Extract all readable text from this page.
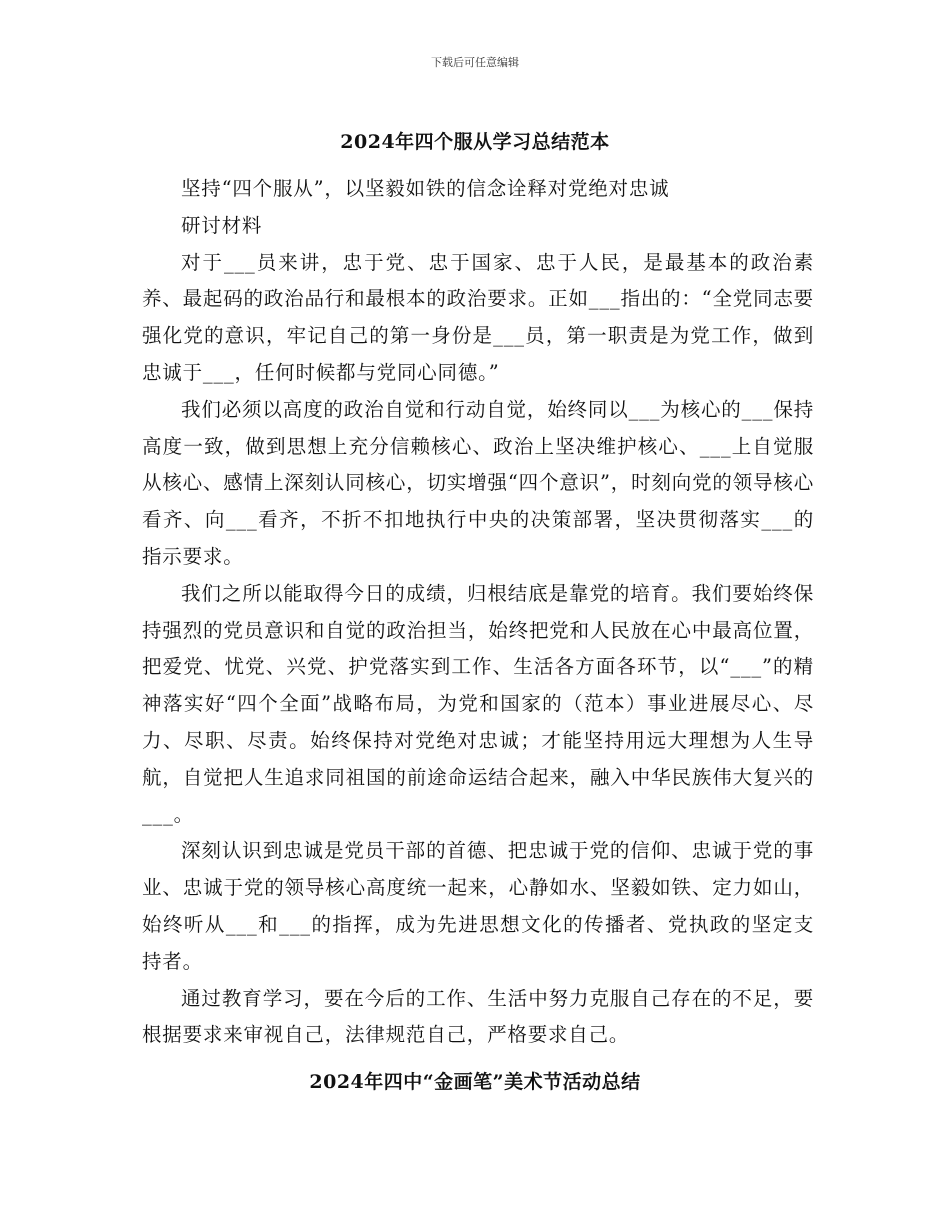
下载后可任意编辑
2024年四个服从学习总结范本

坚持“四个服从”，以坚毅如铁的信念诠释对党绝对忠诚

研讨材料

对于___员来讲，忠于党、忠于国家、忠于人民，是最基本的政治素养、最起码的政治品行和最根本的政治要求。正如___指出的：“全党同志要强化党的意识，牢记自己的第一身份是___员，第一职责是为党工作，做到忠诚于___，任何时候都与党同心同德。”

我们必须以高度的政治自觉和行动自觉，始终同以___为核心的___保持高度一致，做到思想上充分信赖核心、政治上坚决维护核心、___上自觉服从核心、感情上深刻认同核心，切实增强“四个意识”，时刻向党的领导核心看齐、向___看齐，不折不扣地执行中央的决策部署，坚决贯彻落实___的指示要求。

我们之所以能取得今日的成绩，归根结底是靠党的培育。我们要始终保持强烈的党员意识和自觉的政治担当，始终把党和人民放在心中最高位置，把爱党、忧党、兴党、护党落实到工作、生活各方面各环节，以“___”的精神落实好“四个全面”战略布局，为党和国家的（范本）事业进展尽心、尽力、尽职、尽责。始终保持对党绝对忠诚；才能坚持用远大理想为人生导航，自觉把人生追求同祖国的前途命运结合起来，融入中华民族伟大复兴的___。

深刻认识到忠诚是党员干部的首德、把忠诚于党的信仰、忠诚于党的事业、忠诚于党的领导核心高度统一起来，心静如水、坚毅如铁、定力如山，始终听从___和___的指挥，成为先进思想文化的传播者、党执政的坚定支持者。

通过教育学习，要在今后的工作、生活中努力克服自己存在的不足，要根据要求来审视自己，法律规范自己，严格要求自己。

2024年四中“金画笔”美术节活动总结
